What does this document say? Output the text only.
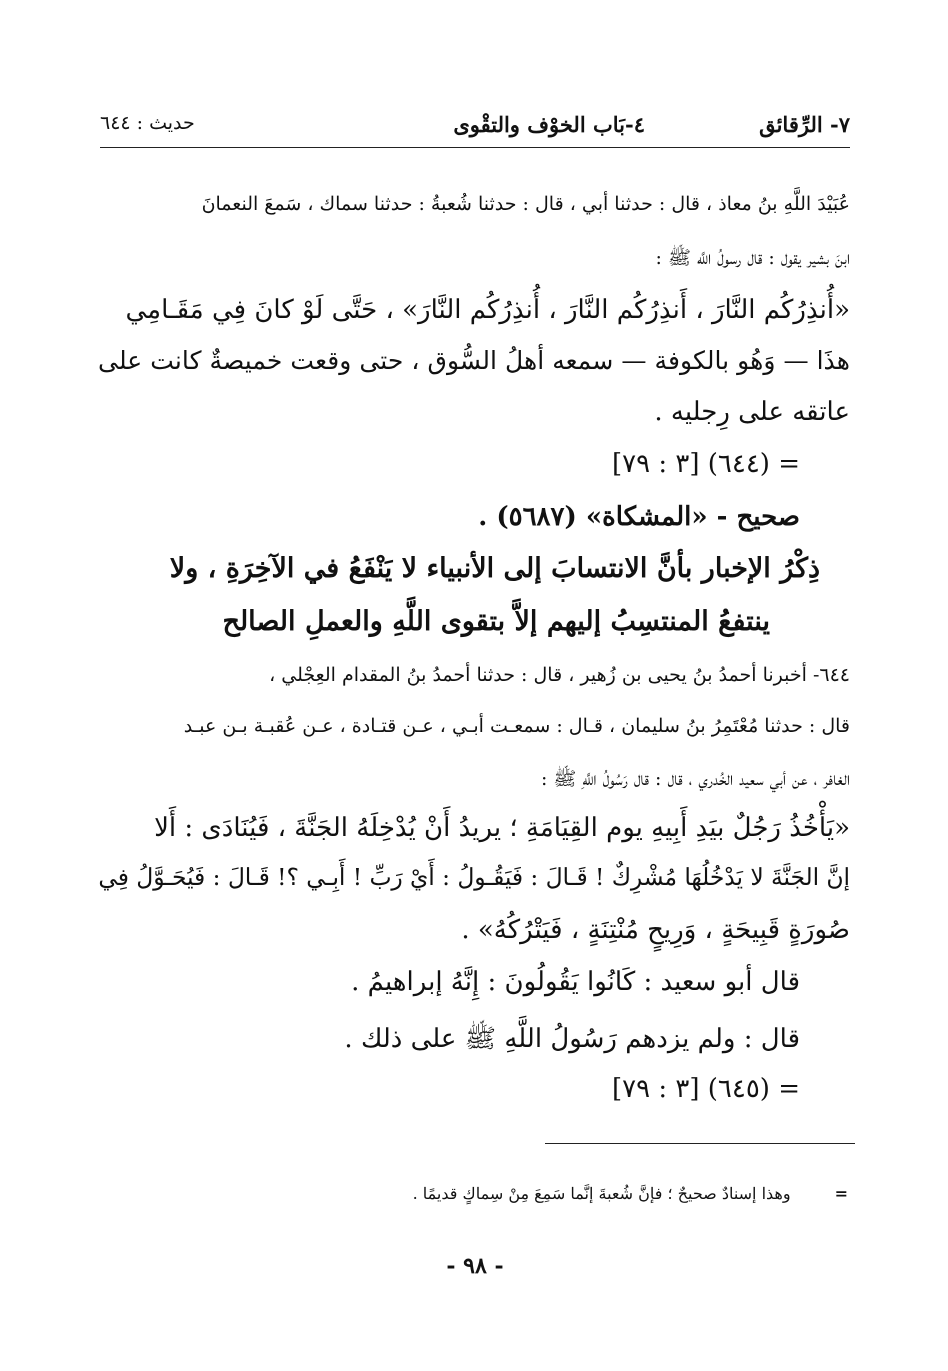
٧- الرِّقائق
٤-بَاب الخوْف والتقْوى
حديث : ٦٤٤
عُبَيْدَ اللَّهِ بنُ معاذ ، قال : حدثنا أبي ، قال : حدثنا شُعبةُ : حدثنا سماك ، سَمعَ النعمانَ
ابنَ بشير يقول : قال رسولُ اللَّه ﷺ :
«أُنذِرُكُم النَّارَ ، أَنذِرُكُم النَّارَ ، أُنذِرُكُم النَّارَ» ، حَتَّى لَوْ كانَ فِي مَقَـامِي
هذَا — وَهُو بالكوفة — سمعه أهلُ السُّوق ، حتى وقعت خميصةٌ كانت على
عاتقه على رِجليه .
= (٦٤٤) [٣ : ٧٩]
صحيح - «المشكاة» (٥٦٨٧) .
ذِكْرُ الإخبار بأنَّ الانتسابَ إلى الأنبياء لا يَنْفَعُ في الآخِرَةِ ، ولا
ينتفعُ المنتسِبُ إليهم إلاَّ بتقوى اللَّهِ والعملِ الصالح
٦٤٤- أخبرنا أحمدُ بنُ يحيى بن زُهير ، قال : حدثنا أحمدُ بنُ المقدام العِجْلي ،
قال : حدثنا مُعْتَمِرُ بنُ سليمان ، قـال : سمعـت أبـي ، عـن قتـادة ، عـن عُقبـة بـن عبـد
الغافر ، عن أبي سعيد الخُدري ، قال : قال رَسُولُ اللَّهِ ﷺ :
«يَأْخُذُ رَجُلٌ بيَدِ أَبِيهِ يوم القِيَامَةِ ؛ يريدُ أَنْ يُدْخِلَهُ الجَنَّةَ ، فَيُنَادَى : أَلا
إنَّ الجَنَّةَ لا يَدْخُلُهَا مُشْرِكٌ ! قَـالَ : فَيَقُـولُ : أَيْ رَبِّ ! أَبِـي ؟! قَـالَ : فَيُحَـوَّلُ فِي
صُورَةٍ قَبِيحَةٍ ، وَرِيحٍ مُنْتِنَةٍ ، فَيَتْرُكُهُ» .
قال أبو سعيد : كَانُوا يَقُولُونَ : إِنَّهُ إبراهيمُ .
قال : ولم يزدهم رَسُولُ اللَّهِ ﷺ على ذلك .
= (٦٤٥) [٣ : ٧٩]
=وهذا إسنادٌ صحيحٌ ؛ فإنَّ شُعبةَ إنَّما سَمِعَ مِنْ سِماكٍ قديمًا .
- ٩٨ -
